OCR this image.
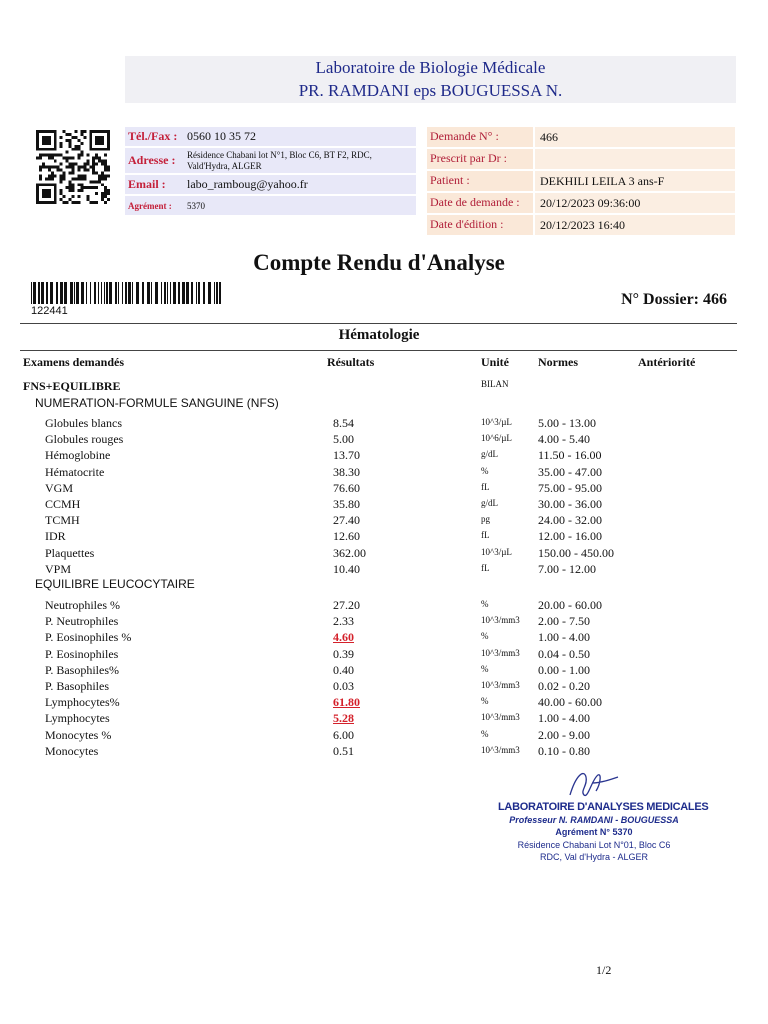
Laboratoire de Biologie Médicale
PR. RAMDANI eps BOUGUESSA N.
Tél./Fax : 0560 10 35 72
Adresse :	Résidence Chabani lot N°1, Bloc C6, BT F2, RDC,
Vald'Hydra, ALGER
Email :	labo_ramboug@yahoo.fr
Agrément :	5370
Demande N° :	466
Prescrit par Dr :
Patient :	DEKHILI LEILA 3 ans-F
Date de demande :	20/12/2023 09:36:00
Date d'édition :	20/12/2023 16:40
Compte Rendu d'Analyse
122441
N° Dossier: 466
Hématologie
Examens demandés	Résultats	Unité Normes	Antériorité
FNS+EQUILIBRE	BILAN
NUMERATION-FORMULE SANGUINE (NFS)
EQUILIBRE LEUCOCYTAIRE
Globules blancs	8.54	10^3/µL 5.00 - 13.00
Globules rouges	5.00	10^6/µL 4.00 - 5.40
Hémoglobine	13.70	g/dL	11.50 - 16.00
Hématocrite	38.30	%	35.00 - 47.00
VGM	76.60	fL	75.00 - 95.00
CCMH	35.80	g/dL	30.00 - 36.00
TCMH	27.40	pg	24.00 - 32.00
IDR	12.60	fL	12.00 - 16.00
Plaquettes	362.00	10^3/µL 150.00 - 450.00
VPM	10.40	fL	7.00 - 12.00
Neutrophiles %	27.20	%	20.00 - 60.00
P. Neutrophiles	2.33	10^3/mm3 2.00 - 7.50
P. Eosinophiles %	4.60	%	1.00 - 4.00
P. Eosinophiles	0.39	10^3/mm3 0.04 - 0.50
P. Basophiles%	0.40	%	0.00 - 1.00
P. Basophiles	0.03	10^3/mm3 0.02 - 0.20
Lymphocytes%	61.80	%	40.00 - 60.00
Lymphocytes	5.28	10^3/mm3 1.00 - 4.00
Monocytes %	6.00	%	2.00 - 9.00
Monocytes	0.51	10^3/mm3 0.10 - 0.80
LABORATOIRE D'ANALYSES MEDICALES
Professeur N. RAMDANI - BOUGUESSA
Agrément N° 5370
Résidence Chabani Lot N°01, Bloc C6
RDC, Val d'Hydra - ALGER
1/2
